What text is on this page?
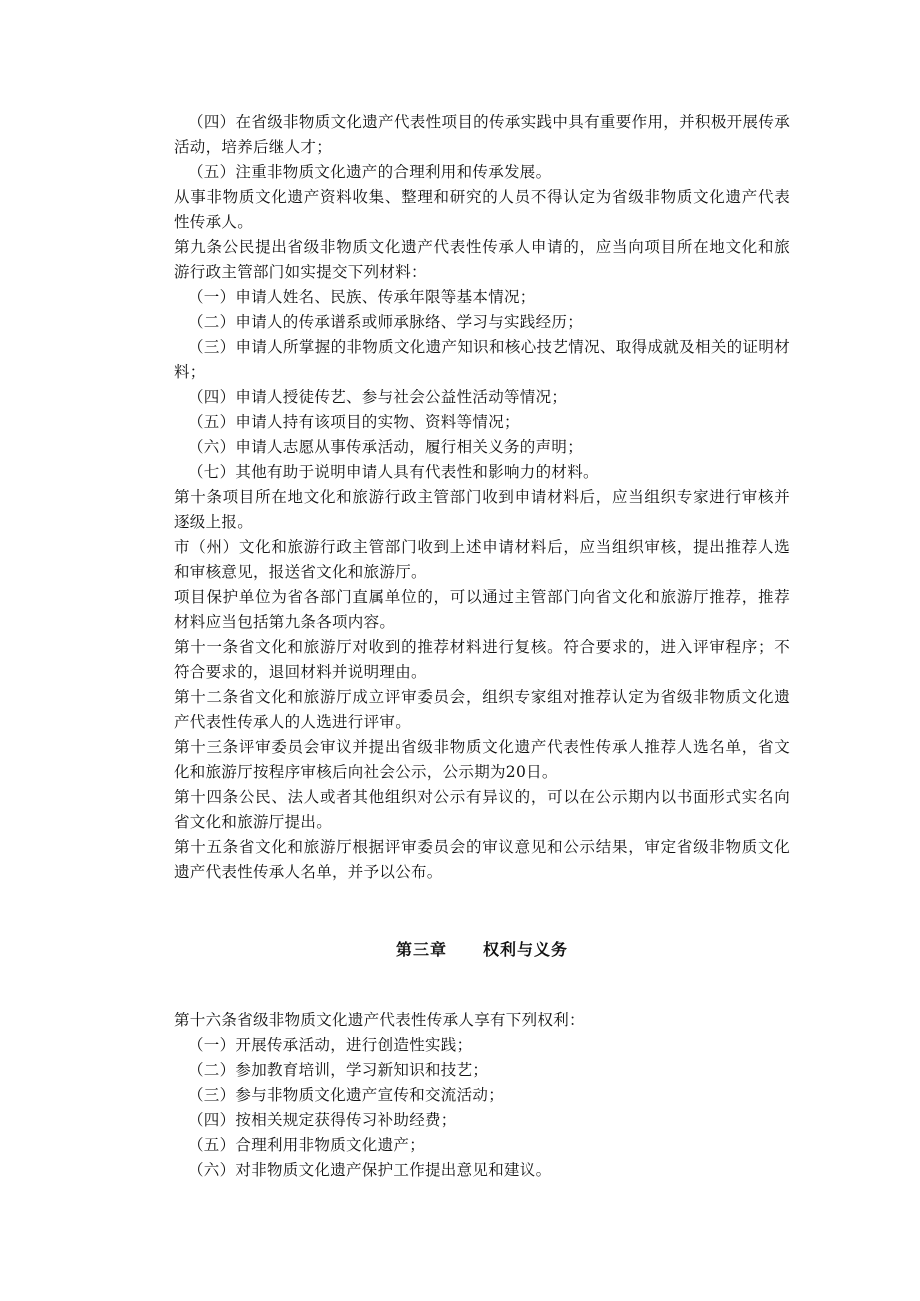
（四）在省级非物质文化遗产代表性项目的传承实践中具有重要作用，并积极开展传承活动，培养后继人才；

（五）注重非物质文化遗产的合理利用和传承发展。

从事非物质文化遗产资料收集、整理和研究的人员不得认定为省级非物质文化遗产代表性传承人。

第九条公民提出省级非物质文化遗产代表性传承人申请的，应当向项目所在地文化和旅游行政主管部门如实提交下列材料：

（一）申请人姓名、民族、传承年限等基本情况；

（二）申请人的传承谱系或师承脉络、学习与实践经历；

（三）申请人所掌握的非物质文化遗产知识和核心技艺情况、取得成就及相关的证明材料；

（四）申请人授徒传艺、参与社会公益性活动等情况；

（五）申请人持有该项目的实物、资料等情况；

（六）申请人志愿从事传承活动，履行相关义务的声明；

（七）其他有助于说明申请人具有代表性和影响力的材料。

第十条项目所在地文化和旅游行政主管部门收到申请材料后，应当组织专家进行审核并逐级上报。

市（州）文化和旅游行政主管部门收到上述申请材料后，应当组织审核，提出推荐人选和审核意见，报送省文化和旅游厅。

项目保护单位为省各部门直属单位的，可以通过主管部门向省文化和旅游厅推荐，推荐材料应当包括第九条各项内容。

第十一条省文化和旅游厅对收到的推荐材料进行复核。符合要求的，进入评审程序；不符合要求的，退回材料并说明理由。

第十二条省文化和旅游厅成立评审委员会，组织专家组对推荐认定为省级非物质文化遗产代表性传承人的人选进行评审。

第十三条评审委员会审议并提出省级非物质文化遗产代表性传承人推荐人选名单，省文化和旅游厅按程序审核后向社会公示，公示期为20日。

第十四条公民、法人或者其他组织对公示有异议的，可以在公示期内以书面形式实名向省文化和旅游厅提出。

第十五条省文化和旅游厅根据评审委员会的审议意见和公示结果，审定省级非物质文化遗产代表性传承人名单，并予以公布。

第三章 权利与义务

第十六条省级非物质文化遗产代表性传承人享有下列权利：

（一）开展传承活动，进行创造性实践；

（二）参加教育培训，学习新知识和技艺；

（三）参与非物质文化遗产宣传和交流活动；

（四）按相关规定获得传习补助经费；

（五）合理利用非物质文化遗产；

（六）对非物质文化遗产保护工作提出意见和建议。
